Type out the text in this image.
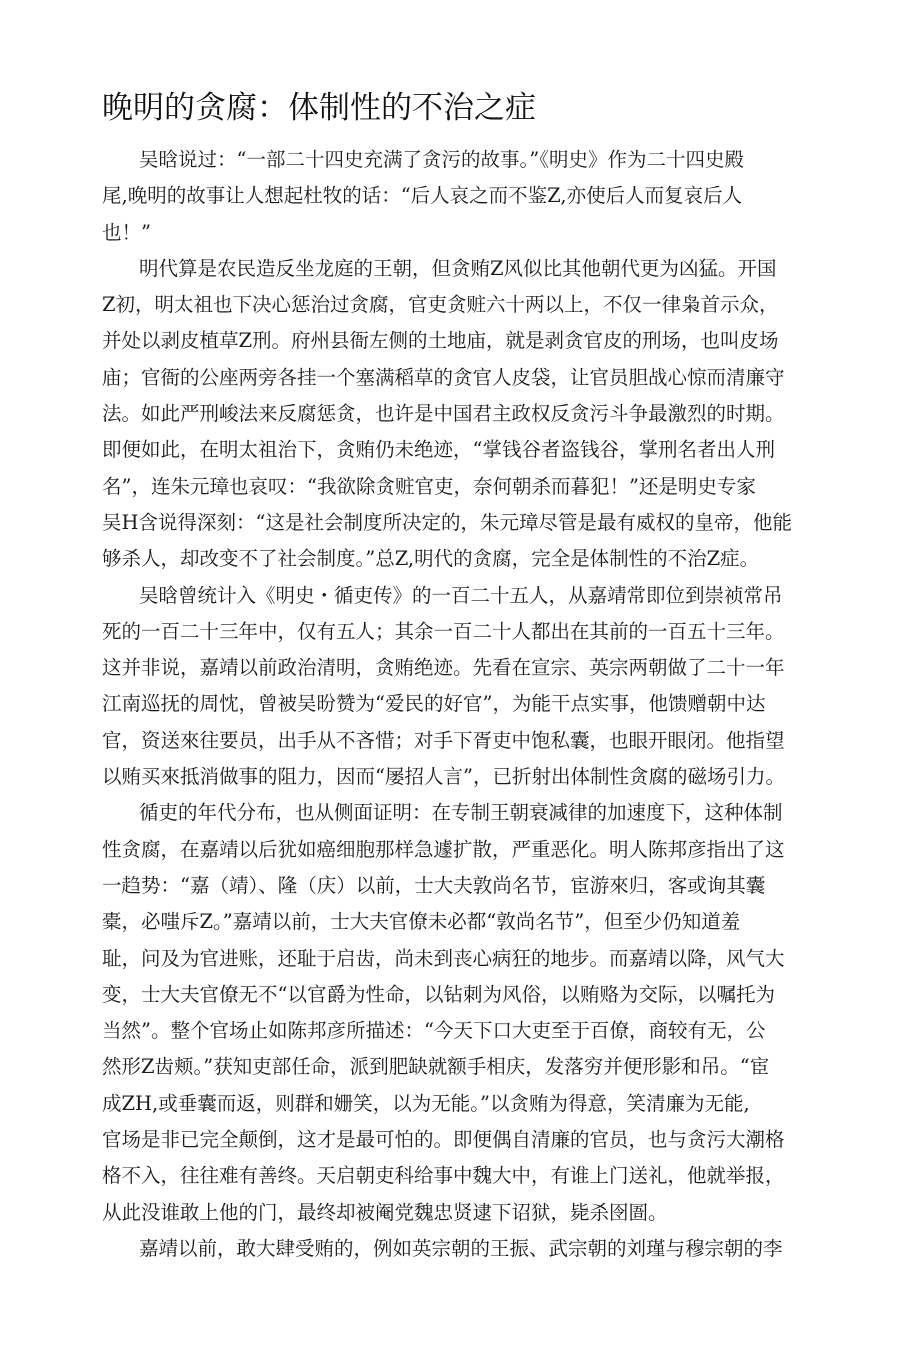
晚明的贪腐：体制性的不治之症

吴晗说过：“一部二十四史充满了贪污的故事。”《明史》作为二十四史殿
尾,晚明的故事让人想起杜牧的话：“后人哀之而不鉴Z,亦使后人而复哀后人
也！”

明代算是农民造反坐龙庭的王朝，但贪贿Z风似比其他朝代更为凶猛。开国
Z初，明太祖也下决心惩治过贪腐，官吏贪赃六十两以上，不仅一律枭首示众，
并处以剥皮植草Z刑。府州县衙左侧的土地庙，就是剥贪官皮的刑场，也叫皮场
庙；官衙的公座两旁各挂一个塞满稻草的贪官人皮袋，让官员胆战心惊而清廉守
法。如此严刑峻法来反腐惩贪，也许是中国君主政权反贪污斗争最激烈的时期。
即便如此，在明太祖治下，贪贿仍未绝迹，“掌钱谷者盗钱谷，掌刑名者出人刑
名”，连朱元璋也哀叹：“我欲除贪赃官吏，奈何朝杀而暮犯！”还是明史专家
吴H含说得深刻：“这是社会制度所决定的，朱元璋尽管是最有威权的皇帝，他能
够杀人，却改变不了社会制度。”总Z,明代的贪腐，完全是体制性的不治Z症。

吴晗曾统计入《明史・循吏传》的一百二十五人，从嘉靖常即位到崇祯常吊
死的一百二十三年中，仅有五人；其余一百二十人都出在其前的一百五十三年。
这并非说，嘉靖以前政治清明，贪贿绝迹。先看在宣宗、英宗两朝做了二十一年
江南巡抚的周忱，曾被吴昐赞为“爱民的好官”，为能干点实事，他馈赠朝中达
官，资送來往要员，出手从不吝惜；对手下胥吏中饱私囊，也眼开眼闭。他指望
以贿买來抵消做事的阻力，因而“屡招人言”，已折射出体制性贪腐的磁场引力。

循吏的年代分布，也从侧面证明：在专制王朝衰减律的加速度下，这种体制
性贪腐，在嘉靖以后犹如癌细胞那样急遽扩散，严重恶化。明人陈邦彦指出了这
一趋势：“嘉（靖）、隆（庆）以前，士大夫敦尚名节，宦游來归，客或询其囊
橐，必嗤斥Z。”嘉靖以前，士大夫官僚未必都“敦尚名节”，但至少仍知道羞
耻，问及为官进账，还耻于启齿，尚未到丧心病狂的地步。而嘉靖以降，风气大
变，士大夫官僚无不“以官爵为性命，以钻刺为风俗，以贿赂为交际，以嘱托为
当然”。整个官场止如陈邦彦所描述：“今天下口大吏至于百僚，商较有无，公
然形Z齿颊。”获知吏部任命，派到肥缺就额手相庆，发落穷并便形影和吊。“宦
成ZH,或垂囊而返，则群和姗笑，以为无能。”以贪贿为得意，笑清廉为无能,
官场是非已完全颠倒，这才是最可怕的。即便偶自清廉的官员，也与贪污大潮格
格不入，往往难有善终。天启朝吏科给事中魏大中，有谁上门送礼，他就举报，
从此没谁敢上他的门，最终却被阉党魏忠贤逮下诏狱，毙杀囹圄。

嘉靖以前，敢大肆受贿的，例如英宗朝的王振、武宗朝的刘瑾与穆宗朝的李
